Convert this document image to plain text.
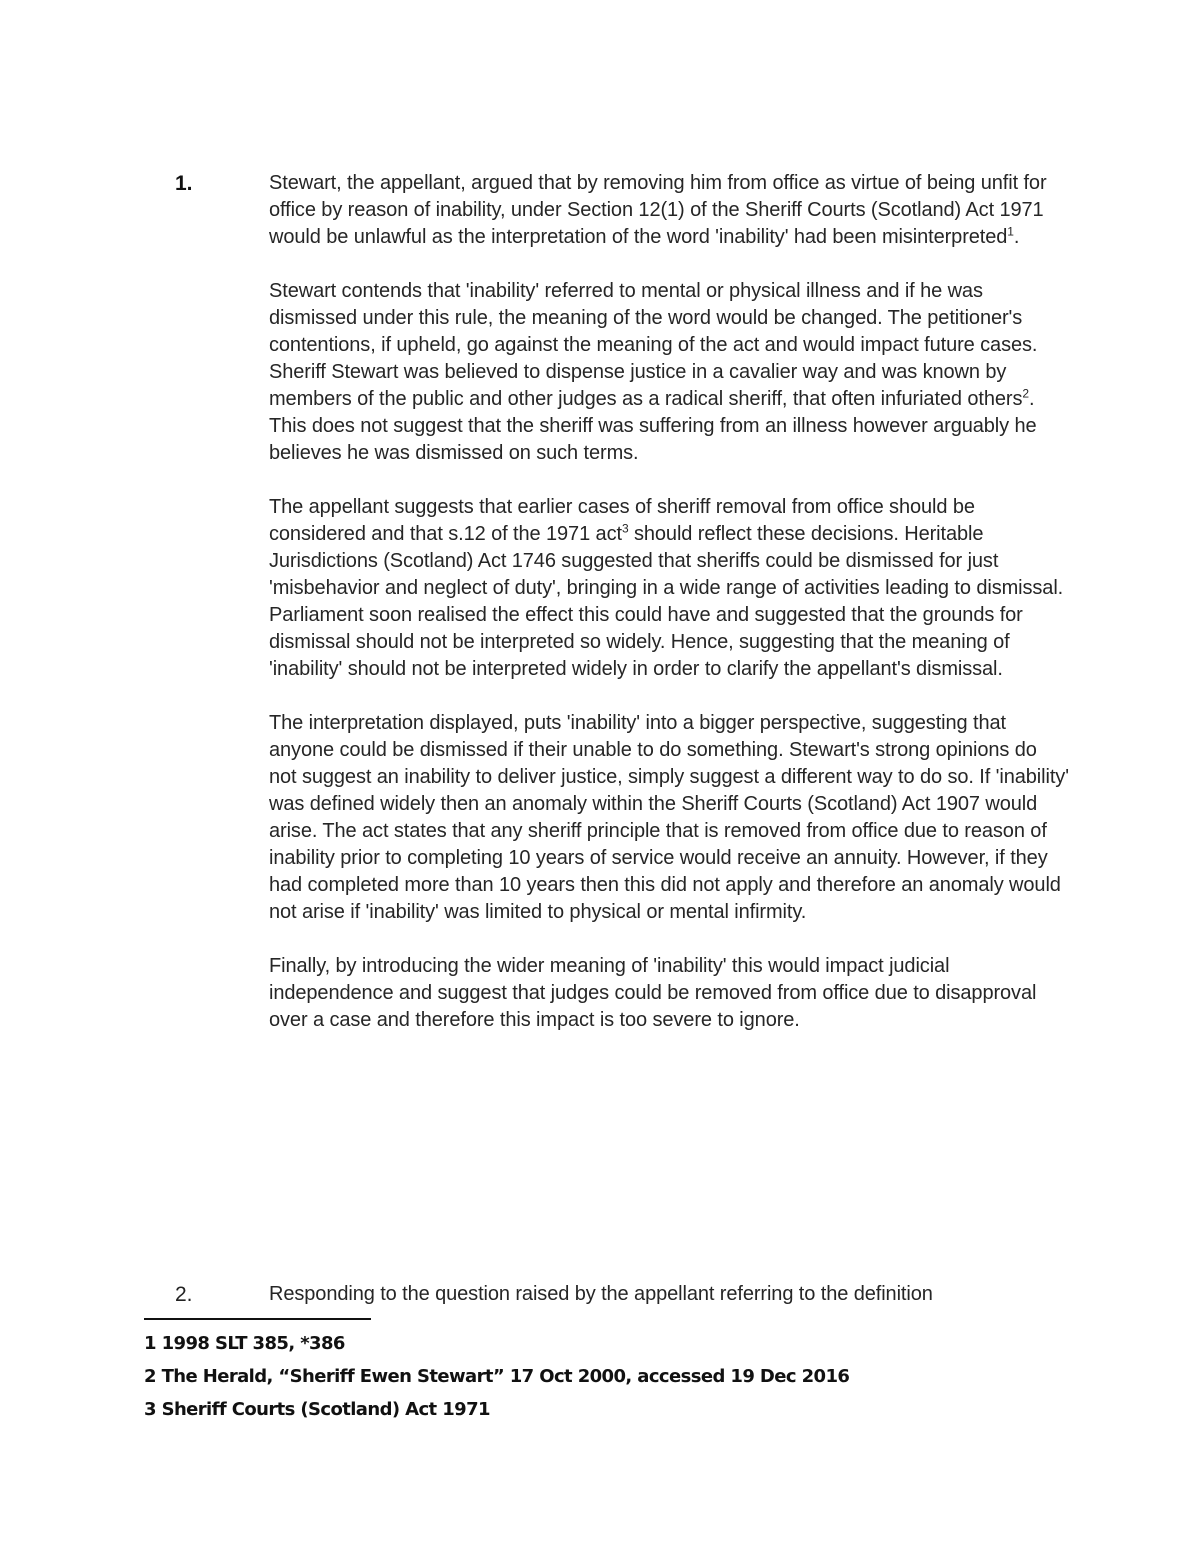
1.	Stewart, the appellant, argued that by removing him from office as virtue of being unfit for office by reason of inability, under Section 12(1) of the Sheriff Courts (Scotland) Act 1971 would be unlawful as the interpretation of the word 'inability' had been misinterpreted$^1$.

Stewart contends that 'inability' referred to mental or physical illness and if he was dismissed under this rule, the meaning of the word would be changed. The petitioner's contentions, if upheld, go against the meaning of the act and would impact future cases. Sheriff Stewart was believed to dispense justice in a cavalier way and was known by members of the public and other judges as a radical sheriff, that often infuriated others$^2$. This does not suggest that the sheriff was suffering from an illness however arguably he believes he was dismissed on such terms.

The appellant suggests that earlier cases of sheriff removal from office should be considered and that s.12 of the 1971 act$^3$ should reflect these decisions. Heritable Jurisdictions (Scotland) Act 1746 suggested that sheriffs could be dismissed for just 'misbehavior and neglect of duty', bringing in a wide range of activities leading to dismissal. Parliament soon realised the effect this could have and suggested that the grounds for dismissal should not be interpreted so widely. Hence, suggesting that the meaning of 'inability' should not be interpreted widely in order to clarify the appellant's dismissal.

The interpretation displayed, puts 'inability' into a bigger perspective, suggesting that anyone could be dismissed if their unable to do something. Stewart's strong opinions do not suggest an inability to deliver justice, simply suggest a different way to do so. If 'inability' was defined widely then an anomaly within the Sheriff Courts (Scotland) Act 1907 would arise. The act states that any sheriff principle that is removed from office due to reason of inability prior to completing 10 years of service would receive an annuity. However, if they had completed more than 10 years then this did not apply and therefore an anomaly would not arise if 'inability' was limited to physical or mental infirmity.

Finally, by introducing the wider meaning of 'inability' this would impact judicial independence and suggest that judges could be removed from office due to disapproval over a case and therefore this impact is too severe to ignore.

2.	Responding to the question raised by the appellant referring to the definition

1 1998 SLT 385, *386
2 The Herald, “Sheriff Ewen Stewart” 17 Oct 2000, accessed 19 Dec 2016
3 Sheriff Courts (Scotland) Act 1971
